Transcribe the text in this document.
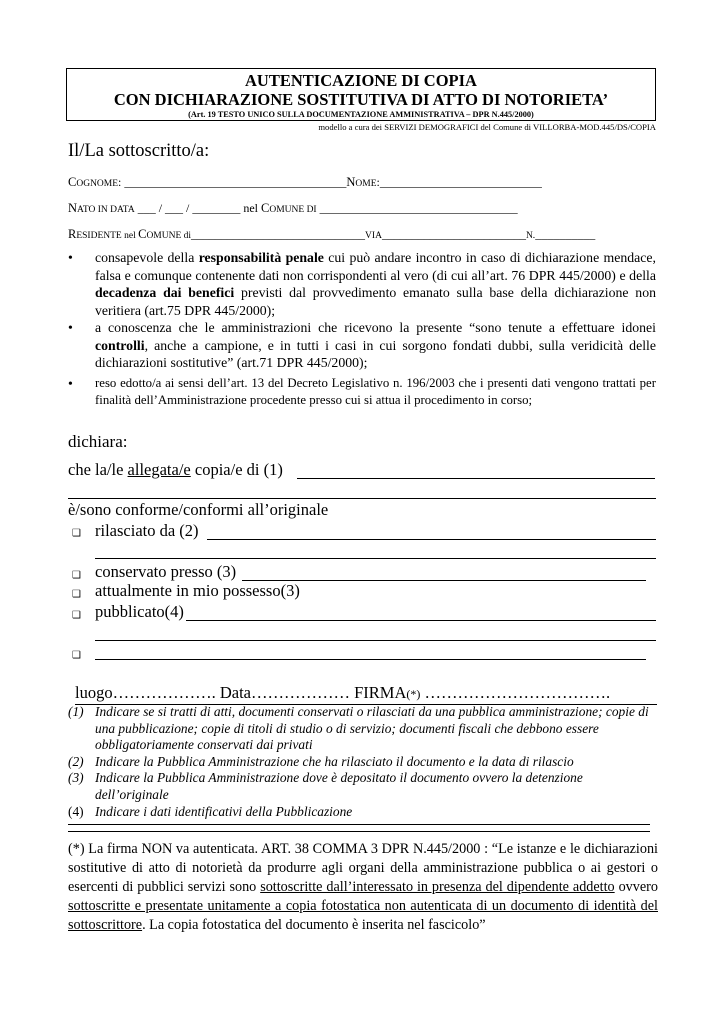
AUTENTICAZIONE DI COPIA
CON DICHIARAZIONE SOSTITUTIVA DI ATTO DI NOTORIETA’
(Art. 19 TESTO UNICO SULLA DOCUMENTAZIONE AMMINISTRATIVA – DPR N.445/2000)
modello a cura dei SERVIZI DEMOGRAFICI del Comune di VILLORBA-MOD.445/DS/COPIA
Il/La sottoscritto/a:
COGNOME: _____________________________________NOME:___________________________
NATO IN DATA ___ / ___ / ________ nel COMUNE DI _________________________________
RESIDENTE nel COMUNE di_____________________________VIA________________________N.__________
•	consapevole della responsabilità penale cui può andare incontro in caso di dichiarazione mendace, falsa e comunque contenente dati non corrispondenti al vero (di cui all’art. 76 DPR 445/2000) e della decadenza dai benefici previsti dal provvedimento emanato sulla base della dichiarazione non veritiera (art.75 DPR 445/2000);
•	a conoscenza che le amministrazioni che ricevono la presente “sono tenute a effettuare idonei controlli, anche a campione, e in tutti i casi in cui sorgono fondati dubbi, sulla veridicità delle dichiarazioni sostitutive” (art.71 DPR 445/2000);
•	reso edotto/a ai sensi dell’art. 13 del Decreto Legislativo n. 196/2003 che i presenti dati vengono trattati per finalità dell’Amministrazione procedente presso cui si attua il procedimento in corso;
dichiara:
che la/le allegata/e copia/e di (1)
è/sono conforme/conformi all’originale
❑ rilasciato da (2)
❑ conservato presso (3)
❑ attualmente in mio possesso(3)
❑ pubblicato(4)
❑
luogo………………. Data……………… FIRMA(*) …………………………….
(1) Indicare se si tratti di atti, documenti conservati o rilasciati da una pubblica amministrazione; copie di una pubblicazione; copie di titoli di studio o di servizio; documenti fiscali che debbono essere obbligatoriamente conservati dai privati
(2) Indicare la Pubblica Amministrazione che ha rilasciato il documento e la data di rilascio
(3) Indicare la Pubblica Amministrazione dove è depositato il documento ovvero la detenzione dell’originale
(4) Indicare i dati identificativi della Pubblicazione
(*) La firma NON va autenticata. ART. 38 COMMA 3 DPR N.445/2000 : “Le istanze e le dichiarazioni sostitutive di atto di notorietà da produrre agli organi della amministrazione pubblica o ai gestori o esercenti di pubblici servizi sono sottoscritte dall’interessato in presenza del dipendente addetto ovvero sottoscritte e presentate unitamente a copia fotostatica non autenticata di un documento di identità del sottoscrittore. La copia fotostatica del documento è inserita nel fascicolo”
